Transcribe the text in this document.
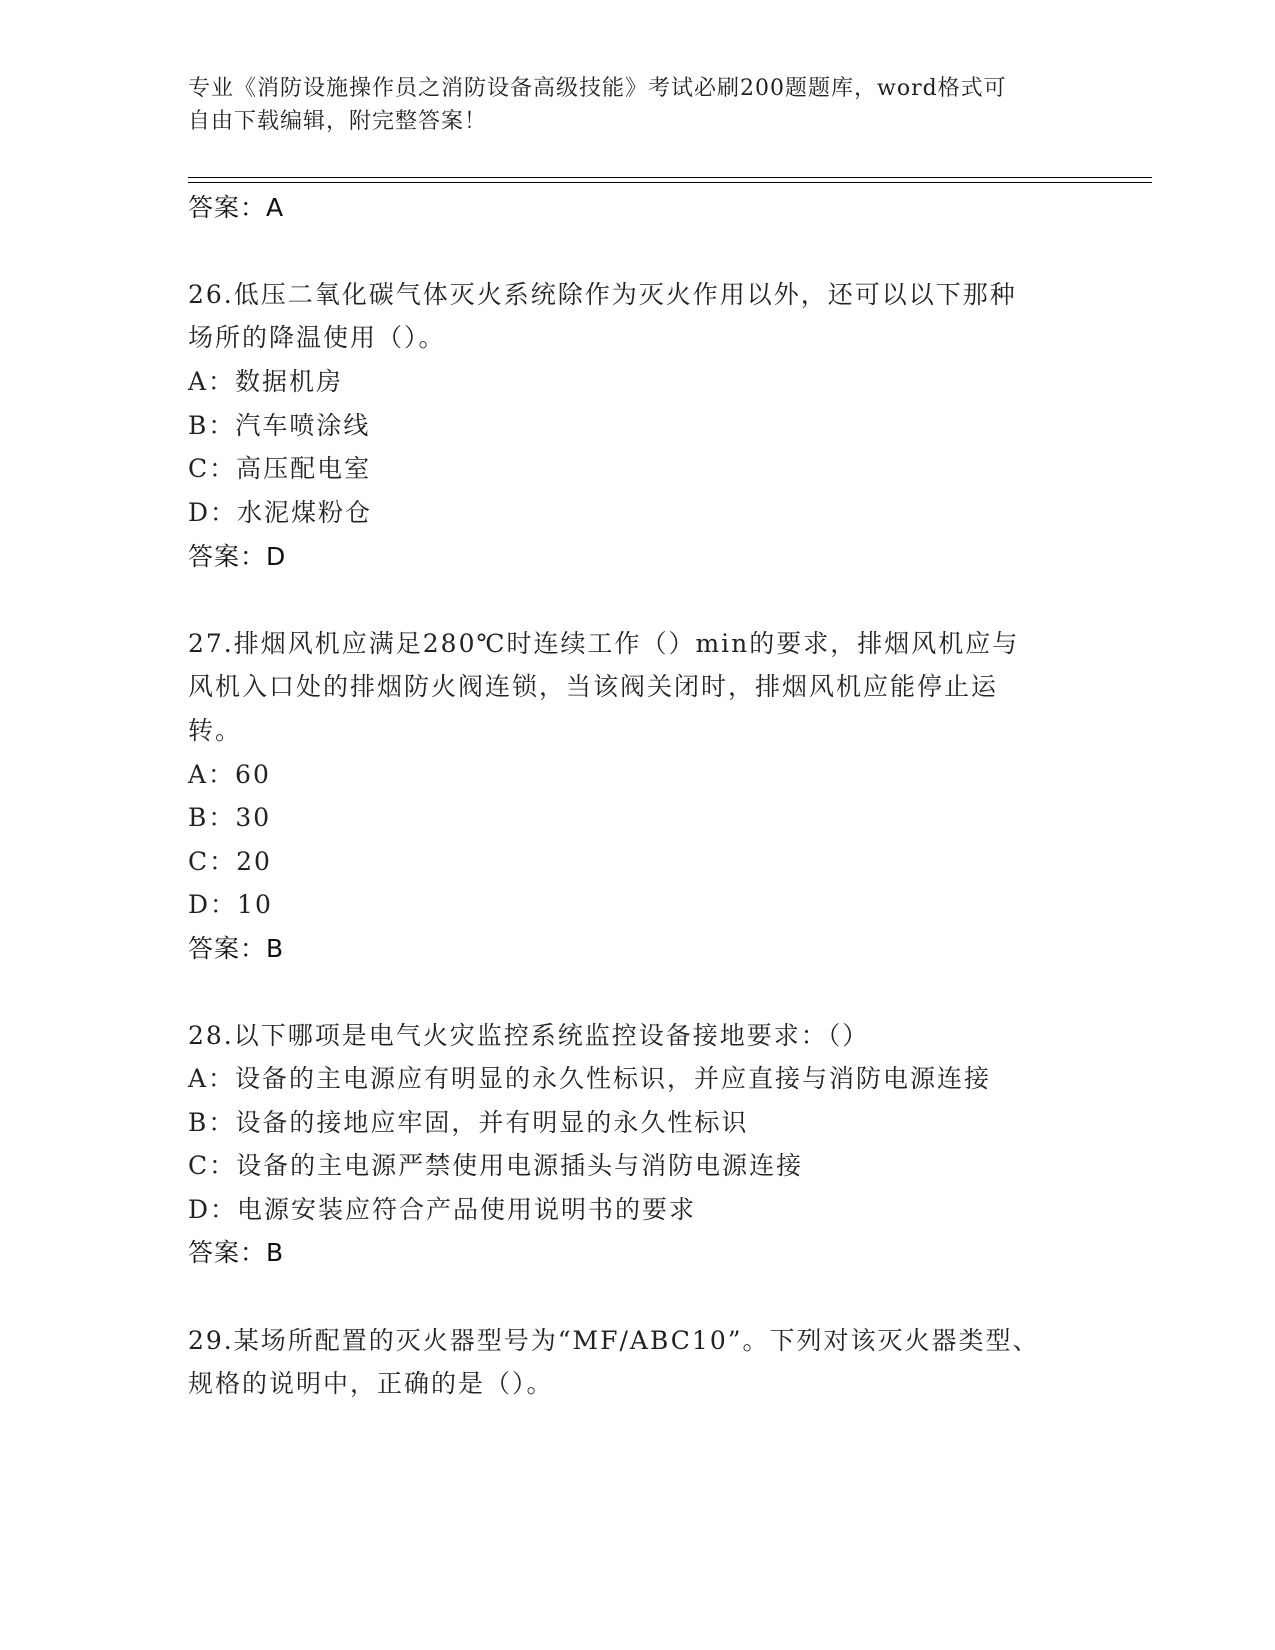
专业《消防设施操作员之消防设备高级技能》考试必刷200题题库，word格式可
自由下载编辑，附完整答案！

答案：A

26.低压二氧化碳气体灭火系统除作为灭火作用以外，还可以以下那种

场所的降温使用（）。

A：数据机房

B：汽车喷涂线

C：高压配电室

D：水泥煤粉仓

答案：D

27.排烟风机应满足280℃时连续工作（）min的要求，排烟风机应与

风机入口处的排烟防火阀连锁，当该阀关闭时，排烟风机应能停止运

转。

A：60

B：30

C：20

D：10

答案：B

28.以下哪项是电气火灾监控系统监控设备接地要求：（）

A：设备的主电源应有明显的永久性标识，并应直接与消防电源连接

B：设备的接地应牢固，并有明显的永久性标识

C：设备的主电源严禁使用电源插头与消防电源连接

D：电源安装应符合产品使用说明书的要求

答案：B

29.某场所配置的灭火器型号为“MF/ABC10”。下列对该灭火器类型、

规格的说明中，正确的是（）。
